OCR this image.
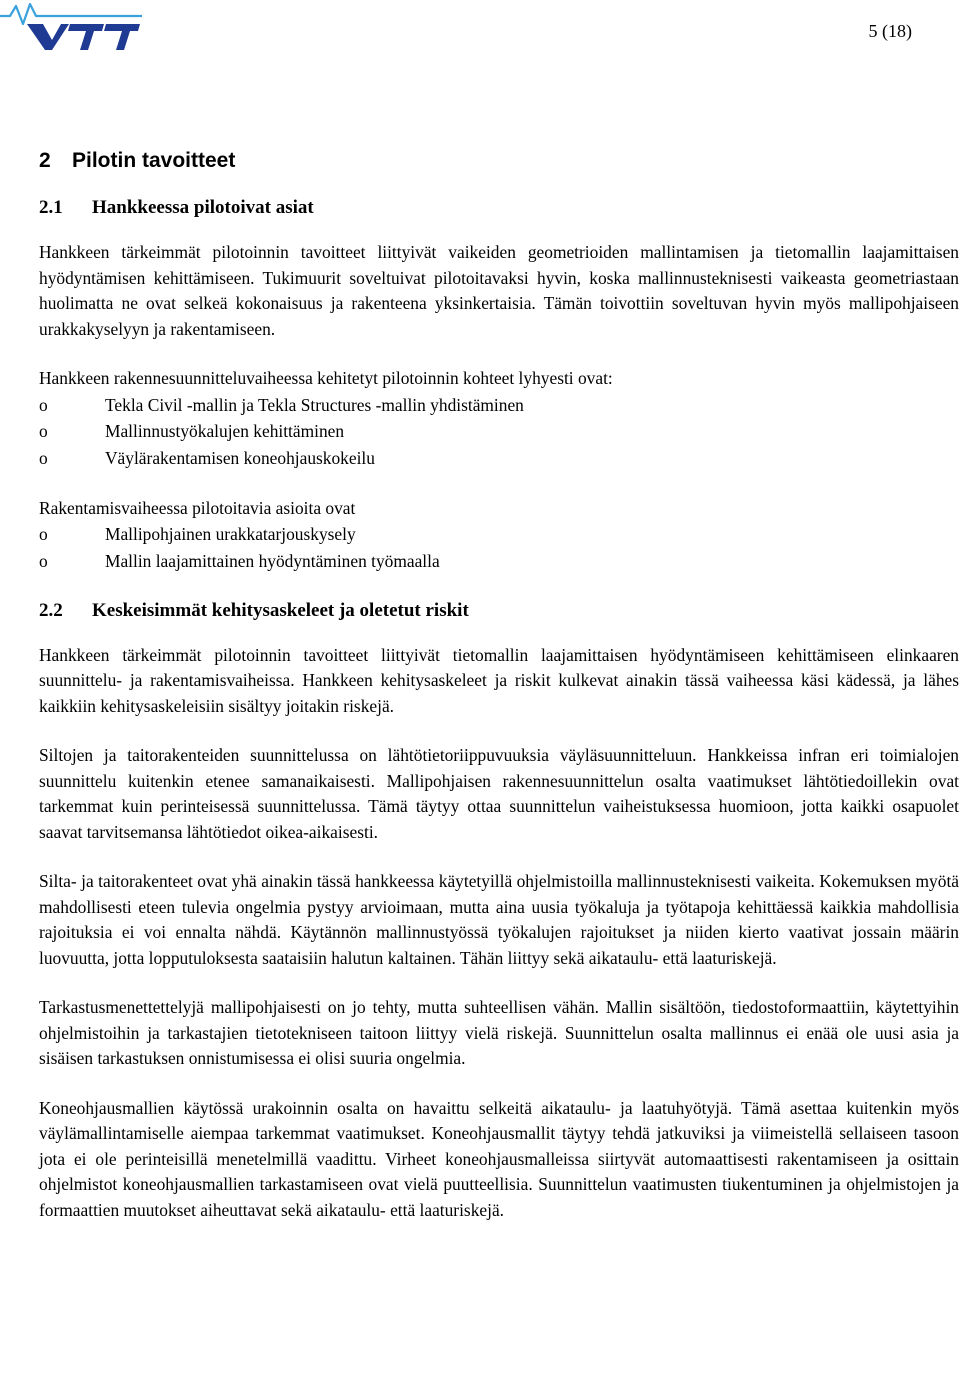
5 (18)
2	Pilotin tavoitteet
2.1	Hankkeessa pilotoivat asiat

Hankkeen tärkeimmät pilotoinnin tavoitteet liittyivät vaikeiden geometrioiden mallintamisen ja tietomallin laajamittaisen hyödyntämisen kehittämiseen. Tukimuurit soveltuivat pilotoitavaksi hyvin, koska mallinnusteknisesti vaikeasta geometriastaan huolimatta ne ovat selkeä kokonaisuus ja rakenteena yksinkertaisia. Tämän toivottiin soveltuvan hyvin myös mallipohjaiseen urakkakyselyyn ja rakentamiseen.

Hankkeen rakennesuunnitteluvaiheessa kehitetyt pilotoinnin kohteet lyhyesti ovat:

o	Tekla Civil -mallin ja Tekla Structures -mallin yhdistäminen
o	Mallinnustyökalujen kehittäminen
o	Väylärakentamisen koneohjauskokeilu

Rakentamisvaiheessa pilotoitavia asioita ovat

o	Mallipohjainen urakkatarjouskysely
o	Mallin laajamittainen hyödyntäminen työmaalla
2.2	Keskeisimmät kehitysaskeleet ja oletetut riskit

Hankkeen tärkeimmät pilotoinnin tavoitteet liittyivät tietomallin laajamittaisen hyödyntämiseen kehittämiseen elinkaaren suunnittelu- ja rakentamisvaiheissa. Hankkeen kehitysaskeleet ja riskit kulkevat ainakin tässä vaiheessa käsi kädessä, ja lähes kaikkiin kehitysaskeleisiin sisältyy joitakin riskejä.

Siltojen ja taitorakenteiden suunnittelussa on lähtötietoriippuvuuksia väyläsuunnitteluun. Hankkeissa infran eri toimialojen suunnittelu kuitenkin etenee samanaikaisesti. Mallipohjaisen rakennesuunnittelun osalta vaatimukset lähtötiedoillekin ovat tarkemmat kuin perinteisessä suunnittelussa. Tämä täytyy ottaa suunnittelun vaiheistuksessa huomioon, jotta kaikki osapuolet saavat tarvitsemansa lähtötiedot oikea-aikaisesti.

Silta- ja taitorakenteet ovat yhä ainakin tässä hankkeessa käytetyillä ohjelmistoilla mallinnusteknisesti vaikeita. Kokemuksen myötä mahdollisesti eteen tulevia ongelmia pystyy arvioimaan, mutta aina uusia työkaluja ja työtapoja kehittäessä kaikkia mahdollisia rajoituksia ei voi ennalta nähdä. Käytännön mallinnustyössä työkalujen rajoitukset ja niiden kierto vaativat jossain määrin luovuutta, jotta lopputuloksesta saataisiin halutun kaltainen. Tähän liittyy sekä aikataulu- että laaturiskejä.

Tarkastusmenettettelyjä mallipohjaisesti on jo tehty, mutta suhteellisen vähän. Mallin sisältöön, tiedostoformaattiin, käytettyihin ohjelmistoihin ja tarkastajien tietotekniseen taitoon liittyy vielä riskejä. Suunnittelun osalta mallinnus ei enää ole uusi asia ja sisäisen tarkastuksen onnistumisessa ei olisi suuria ongelmia.

Koneohjausmallien käytössä urakoinnin osalta on havaittu selkeitä aikataulu- ja laatuhyötyjä. Tämä asettaa kuitenkin myös väylämallintamiselle aiempaa tarkemmat vaatimukset. Koneohjausmallit täytyy tehdä jatkuviksi ja viimeistellä sellaiseen tasoon jota ei ole perinteisillä menetelmillä vaadittu. Virheet koneohjausmalleissa siirtyvät automaattisesti rakentamiseen ja osittain ohjelmistot koneohjausmallien tarkastamiseen ovat vielä puutteellisia. Suunnittelun vaatimusten tiukentuminen ja ohjelmistojen ja formaattien muutokset aiheuttavat sekä aikataulu- että laaturiskejä.
